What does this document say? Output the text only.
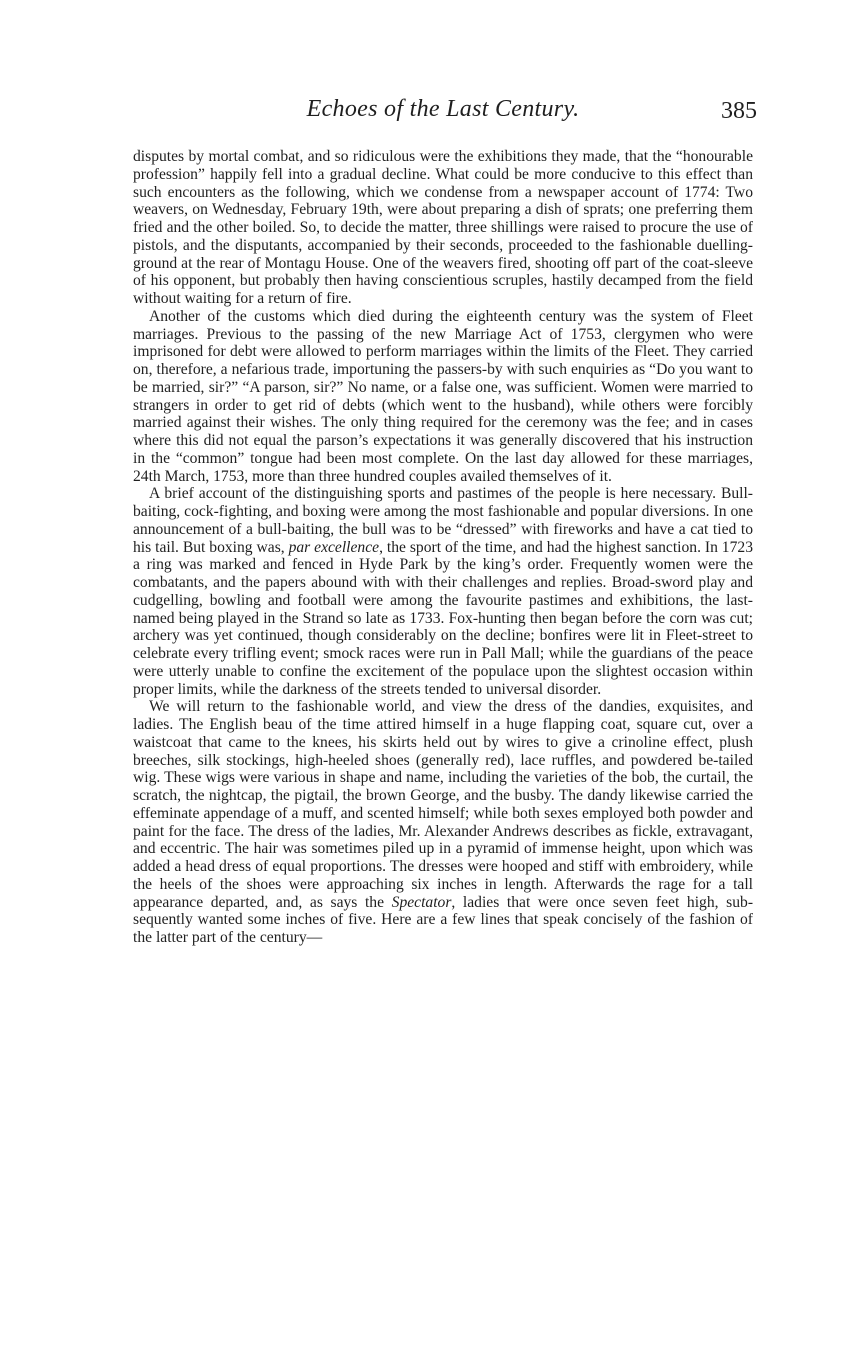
Echoes of the Last Century.	385

disputes by mortal combat, and so ridiculous were the exhibitions they made, that the “honourable profession” happily fell into a gradual decline. What could be more conducive to this effect than such encounters as the following, which we condense from a newspaper account of 1774: Two weavers, on Wednesday, February 19th, were about preparing a dish of sprats; one preferring them fried and the other boiled. So, to decide the matter, three shillings were raised to procure the use of pistols, and the disputants, accompanied by their seconds, proceeded to the fashionable duelling-ground at the rear of Montagu House. One of the weavers fired, shooting off part of the coat-sleeve of his opponent, but probably then having conscientious scruples, hastily decamped from the field without waiting for a return of fire.

Another of the customs which died during the eighteenth century was the system of Fleet marriages. Previous to the passing of the new Marriage Act of 1753, clergymen who were imprisoned for debt were allowed to perform marriages within the limits of the Fleet. They carried on, therefore, a nefarious trade, importuning the passers-by with such enquiries as “Do you want to be married, sir?” “A parson, sir?” No name, or a false one, was sufficient. Women were married to strangers in order to get rid of debts (which went to the husband), while others were forcibly married against their wishes. The only thing required for the ceremony was the fee; and in cases where this did not equal the parson’s expectations it was generally discovered that his instruction in the “common” tongue had been most complete. On the last day allowed for these marriages, 24th March, 1753, more than three hundred couples availed themselves of it.

A brief account of the distinguishing sports and pastimes of the people is here necessary. Bull-baiting, cock-fighting, and boxing were among the most fashionable and popular diversions. In one announcement of a bull-baiting, the bull was to be “dressed” with fireworks and have a cat tied to his tail. But boxing was, par excellence, the sport of the time, and had the highest sanction. In 1723 a ring was marked and fenced in Hyde Park by the king’s order. Frequently women were the combatants, and the papers abound with with their challenges and replies. Broad-sword play and cudgelling, bowling and football were among the favourite pastimes and exhibitions, the last-named being played in the Strand so late as 1733. Fox-hunting then began before the corn was cut; archery was yet continued, though considerably on the decline; bonfires were lit in Fleet-street to celebrate every trifling event; smock races were run in Pall Mall; while the guardians of the peace were utterly unable to confine the excitement of the populace upon the slightest occasion within proper limits, while the darkness of the streets tended to universal disorder.

We will return to the fashionable world, and view the dress of the dandies, exquisites, and ladies. The English beau of the time attired himself in a huge flapping coat, square cut, over a waistcoat that came to the knees, his skirts held out by wires to give a crinoline effect, plush breeches, silk stockings, high-heeled shoes (generally red), lace ruffles, and powdered be-tailed wig. These wigs were various in shape and name, including the varieties of the bob, the curtail, the scratch, the nightcap, the pigtail, the brown George, and the busby. The dandy likewise carried the effeminate appendage of a muff, and scented himself; while both sexes employed both powder and paint for the face. The dress of the ladies, Mr. Alexander Andrews describes as fickle, extravagant, and eccentric. The hair was sometimes piled up in a pyramid of immense height, upon which was added a head dress of equal proportions. The dresses were hooped and stiff with embroidery, while the heels of the shoes were approaching six inches in length. Afterwards the rage for a tall appearance departed, and, as says the Spectator, ladies that were once seven feet high, subsequently wanted some inches of five. Here are a few lines that speak concisely of the fashion of the latter part of the century—
